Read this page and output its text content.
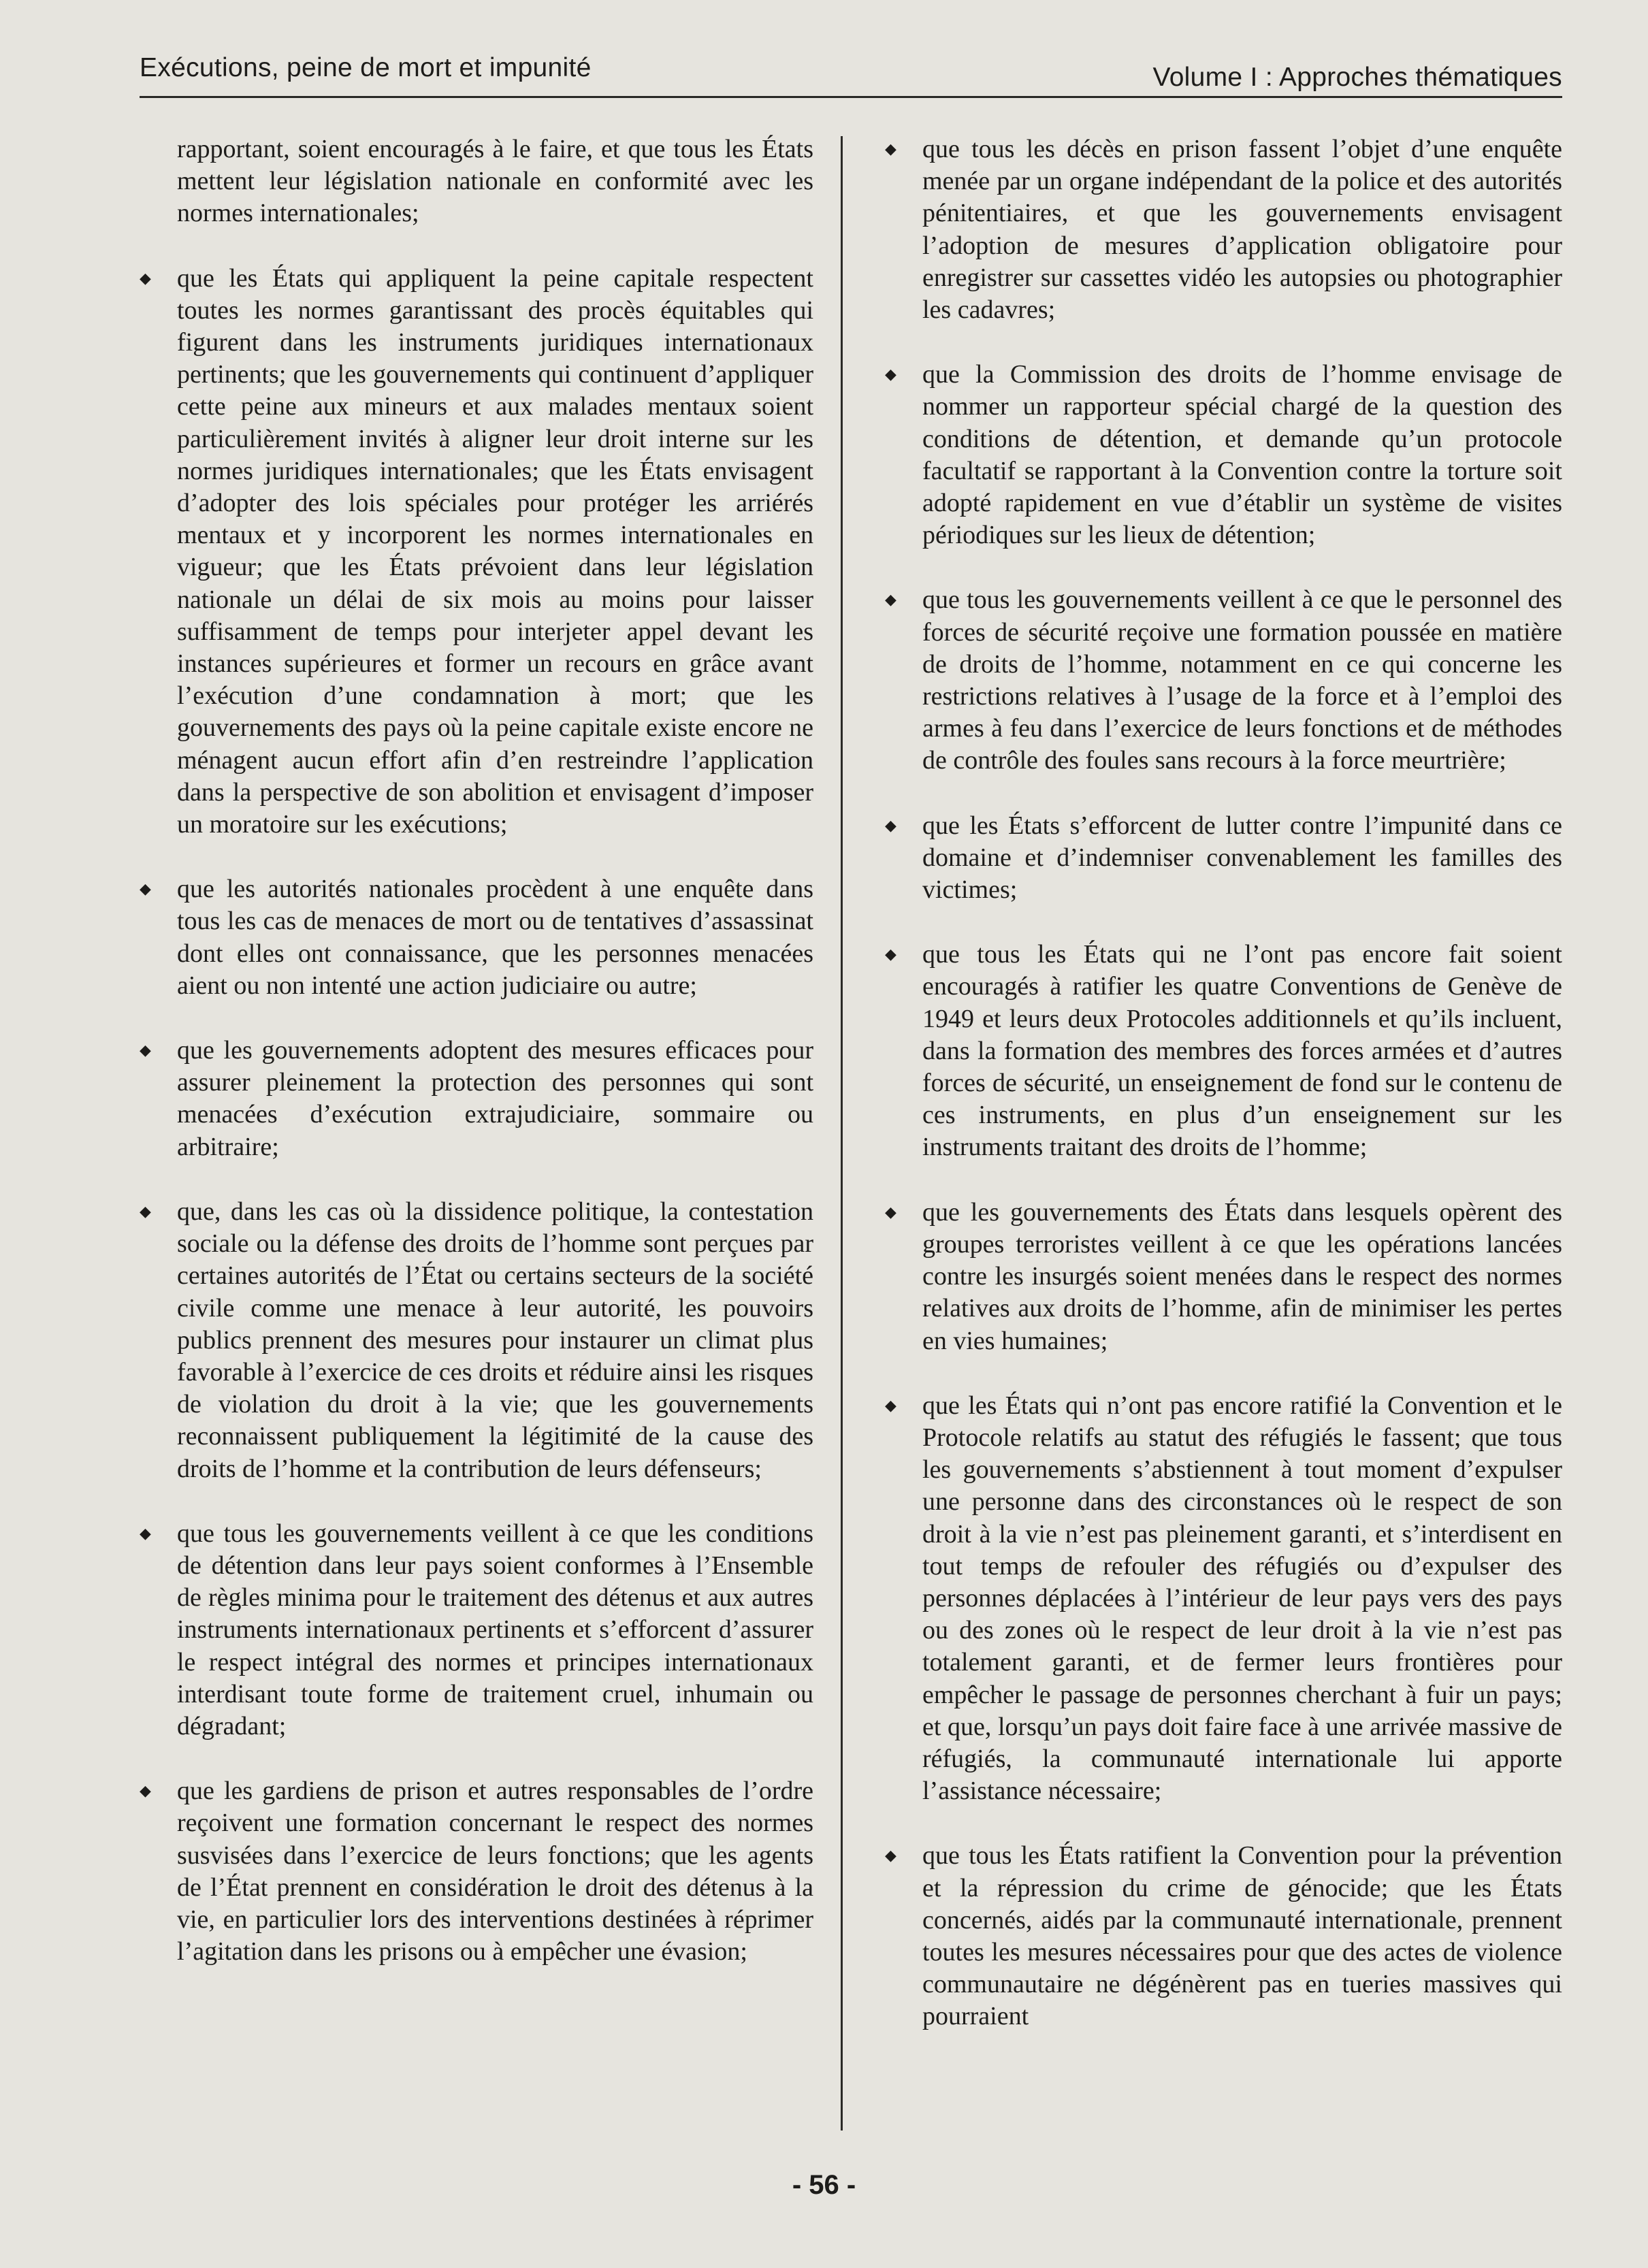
Exécutions, peine de mort et impunité	Volume I : Approches thématiques

rapportant, soient encouragés à le faire, et que tous les États mettent leur législation nationale en conformité avec les normes internationales;

◆ que les États qui appliquent la peine capitale respectent toutes les normes garantissant des procès équitables qui figurent dans les instruments juridiques internationaux pertinents; que les gouvernements qui continuent d’appliquer cette peine aux mineurs et aux malades mentaux soient particulièrement invités à aligner leur droit interne sur les normes juridiques internationales; que les États envisagent d’adopter des lois spéciales pour protéger les arriérés mentaux et y incorporent les normes internationales en vigueur; que les États prévoient dans leur législation nationale un délai de six mois au moins pour laisser suffisamment de temps pour interjeter appel devant les instances supérieures et former un recours en grâce avant l’exécution d’une condamnation à mort; que les gouvernements des pays où la peine capitale existe encore ne ménagent aucun effort afin d’en restreindre l’application dans la perspective de son abolition et envisagent d’imposer un moratoire sur les exécutions;

◆ que les autorités nationales procèdent à une enquête dans tous les cas de menaces de mort ou de tentatives d’assassinat dont elles ont connaissance, que les personnes menacées aient ou non intenté une action judiciaire ou autre;

◆ que les gouvernements adoptent des mesures efficaces pour assurer pleinement la protection des personnes qui sont menacées d’exécution extrajudiciaire, sommaire ou arbitraire;

◆ que, dans les cas où la dissidence politique, la contestation sociale ou la défense des droits de l’homme sont perçues par certaines autorités de l’État ou certains secteurs de la société civile comme une menace à leur autorité, les pouvoirs publics prennent des mesures pour instaurer un climat plus favorable à l’exercice de ces droits et réduire ainsi les risques de violation du droit à la vie; que les gouvernements reconnaissent publiquement la légitimité de la cause des droits de l’homme et la contribution de leurs défenseurs;

◆ que tous les gouvernements veillent à ce que les conditions de détention dans leur pays soient conformes à l’Ensemble de règles minima pour le traitement des détenus et aux autres instruments internationaux pertinents et s’efforcent d’assurer le respect intégral des normes et principes internationaux interdisant toute forme de traitement cruel, inhumain ou dégradant;

◆ que les gardiens de prison et autres responsables de l’ordre reçoivent une formation concernant le respect des normes susvisées dans l’exercice de leurs fonctions; que les agents de l’État prennent en considération le droit des détenus à la vie, en particulier lors des interventions destinées à réprimer l’agitation dans les prisons ou à empêcher une évasion;

◆ que tous les décès en prison fassent l’objet d’une enquête menée par un organe indépendant de la police et des autorités pénitentiaires, et que les gouvernements envisagent l’adoption de mesures d’application obligatoire pour enregistrer sur cassettes vidéo les autopsies ou photographier les cadavres;

◆ que la Commission des droits de l’homme envisage de nommer un rapporteur spécial chargé de la question des conditions de détention, et demande qu’un protocole facultatif se rapportant à la Convention contre la torture soit adopté rapidement en vue d’établir un système de visites périodiques sur les lieux de détention;

◆ que tous les gouvernements veillent à ce que le personnel des forces de sécurité reçoive une formation poussée en matière de droits de l’homme, notamment en ce qui concerne les restrictions relatives à l’usage de la force et à l’emploi des armes à feu dans l’exercice de leurs fonctions et de méthodes de contrôle des foules sans recours à la force meurtrière;

◆ que les États s’efforcent de lutter contre l’impunité dans ce domaine et d’indemniser convenablement les familles des victimes;

◆ que tous les États qui ne l’ont pas encore fait soient encouragés à ratifier les quatre Conventions de Genève de 1949 et leurs deux Protocoles additionnels et qu’ils incluent, dans la formation des membres des forces armées et d’autres forces de sécurité, un enseignement de fond sur le contenu de ces instruments, en plus d’un enseignement sur les instruments traitant des droits de l’homme;

◆ que les gouvernements des États dans lesquels opèrent des groupes terroristes veillent à ce que les opérations lancées contre les insurgés soient menées dans le respect des normes relatives aux droits de l’homme, afin de minimiser les pertes en vies humaines;

◆ que les États qui n’ont pas encore ratifié la Convention et le Protocole relatifs au statut des réfugiés le fassent; que tous les gouvernements s’abstiennent à tout moment d’expulser une personne dans des circonstances où le respect de son droit à la vie n’est pas pleinement garanti, et s’interdisent en tout temps de refouler des réfugiés ou d’expulser des personnes déplacées à l’intérieur de leur pays vers des pays ou des zones où le respect de leur droit à la vie n’est pas totalement garanti, et de fermer leurs frontières pour empêcher le passage de personnes cherchant à fuir un pays; et que, lorsqu’un pays doit faire face à une arrivée massive de réfugiés, la communauté internationale lui apporte l’assistance nécessaire;

◆ que tous les États ratifient la Convention pour la prévention et la répression du crime de génocide; que les États concernés, aidés par la communauté internationale, prennent toutes les mesures nécessaires pour que des actes de violence communautaire ne dégénèrent pas en tueries massives qui pourraient

- 56 -
